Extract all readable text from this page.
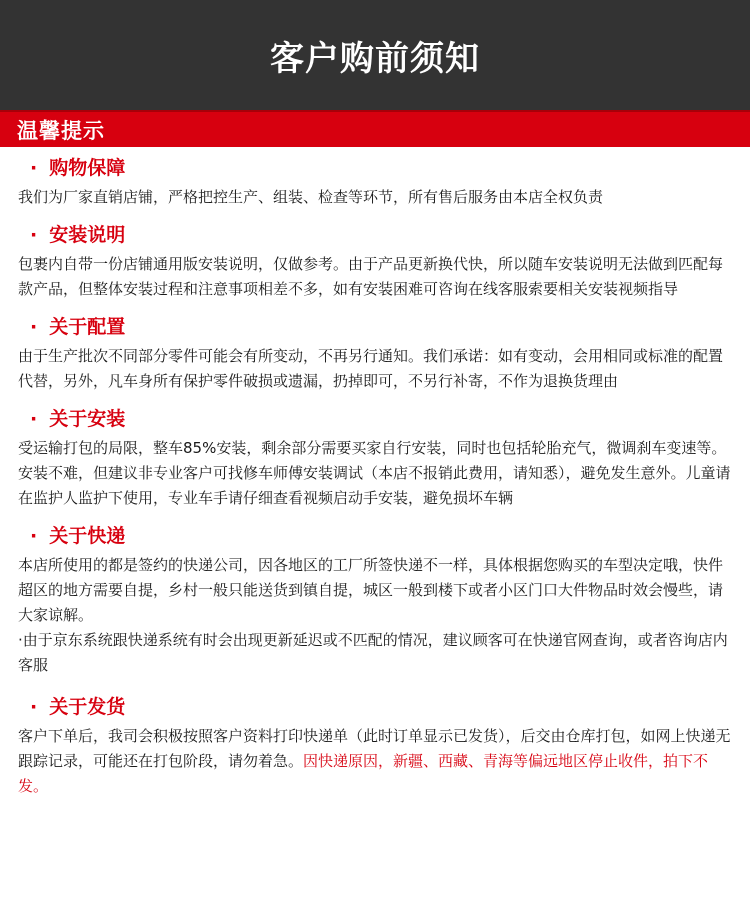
客户购前须知
温馨提示
· 购物保障

我们为厂家直销店铺，严格把控生产、组装、检查等环节，所有售后服务由本店全权负责

· 安装说明

包裹内自带一份店铺通用版安装说明，仅做参考。由于产品更新换代快，所以随车安装说明无法做到匹配每款产品，但整体安装过程和注意事项相差不多，如有安装困难可咨询在线客服索要相关安装视频指导

· 关于配置

由于生产批次不同部分零件可能会有所变动，不再另行通知。我们承诺：如有变动，会用相同或标准的配置代替，另外，凡车身所有保护零件破损或遗漏，扔掉即可，不另行补寄，不作为退换货理由

· 关于安装

受运输打包的局限，整车85%安装，剩余部分需要买家自行安装，同时也包括轮胎充气，微调刹车变速等。安装不难，但建议非专业客户可找修车师傅安装调试（本店不报销此费用，请知悉），避免发生意外。儿童请在监护人监护下使用，专业车手请仔细查看视频启动手安装，避免损坏车辆

· 关于快递

本店所使用的都是签约的快递公司，因各地区的工厂所签快递不一样，具体根据您购买的车型决定哦，快件超区的地方需要自提，乡村一般只能送货到镇自提，城区一般到楼下或者小区门口大件物品时效会慢些，请大家谅解。

·由于京东系统跟快递系统有时会出现更新延迟或不匹配的情况，建议顾客可在快递官网查询，或者咨询店内客服

· 关于发货

客户下单后，我司会积极按照客户资料打印快递单（此时订单显示已发货），后交由仓库打包，如网上快递无跟踪记录，可能还在打包阶段，请勿着急。因快递原因，新疆、西藏、青海等偏远地区停止收件，拍下不发。
